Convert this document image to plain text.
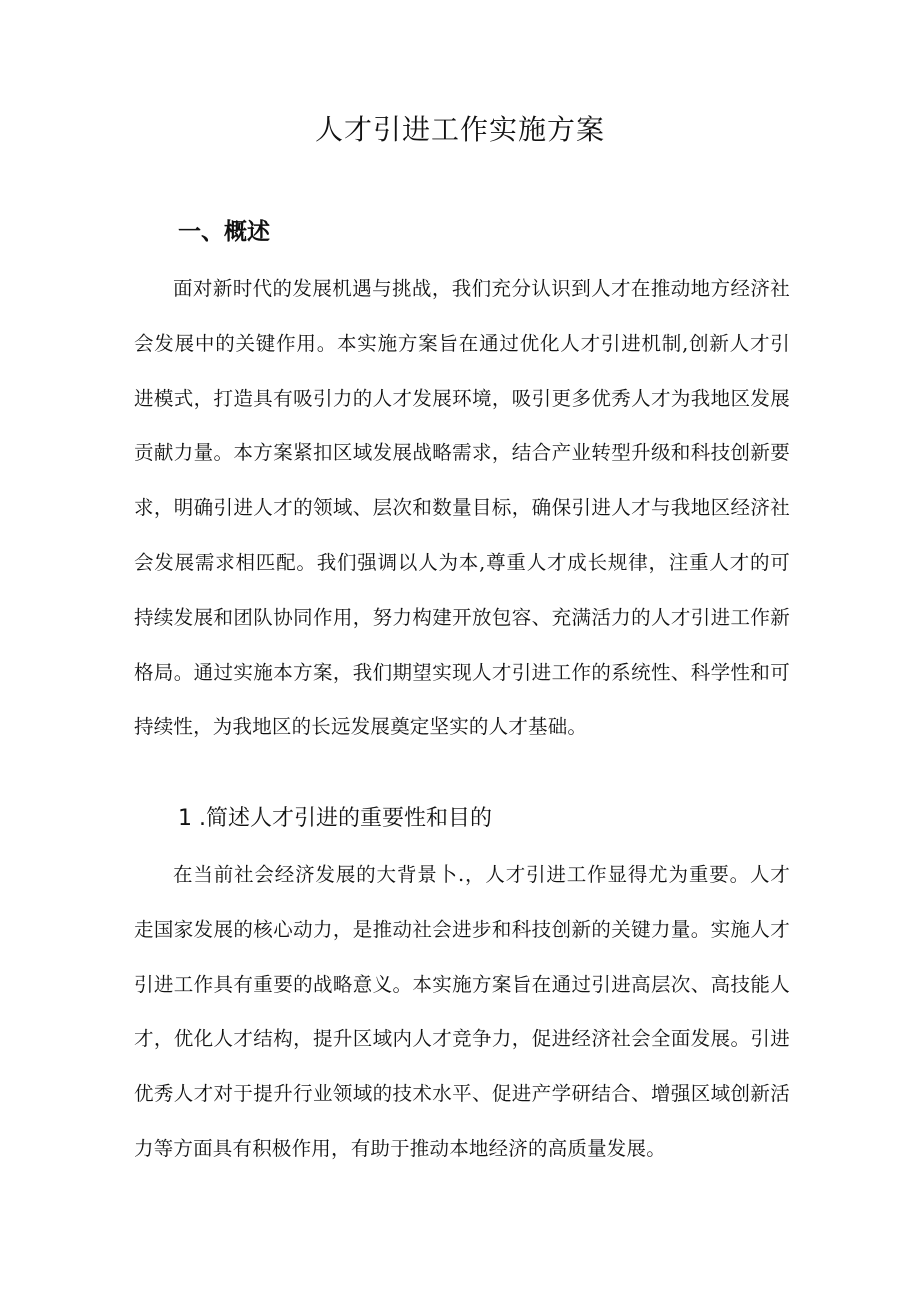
人才引进工作实施方案
一、概述

面对新时代的发展机遇与挑战，我们充分认识到人才在推动地方经济社会发展中的关键作用。本实施方案旨在通过优化人才引进机制,创新人才引进模式，打造具有吸引力的人才发展环境，吸引更多优秀人才为我地区发展贡献力量。本方案紧扣区域发展战略需求，结合产业转型升级和科技创新要求，明确引进人才的领域、层次和数量目标，确保引进人才与我地区经济社会发展需求相匹配。我们强调以人为本,尊重人才成长规律，注重人才的可持续发展和团队协同作用，努力构建开放包容、充满活力的人才引进工作新格局。通过实施本方案，我们期望实现人才引进工作的系统性、科学性和可持续性，为我地区的长远发展奠定坚实的人才基础。

1 .简述人才引进的重要性和目的

在当前社会经济发展的大背景卜.，人才引进工作显得尤为重要。人才走国家发展的核心动力，是推动社会进步和科技创新的关键力量。实施人才引进工作具有重要的战略意义。本实施方案旨在通过引进高层次、高技能人才，优化人才结构，提升区域内人才竞争力，促进经济社会全面发展。引进优秀人才对于提升行业领域的技术水平、促进产学研结合、增强区域创新活力等方面具有积极作用，有助于推动本地经济的高质量发展。
